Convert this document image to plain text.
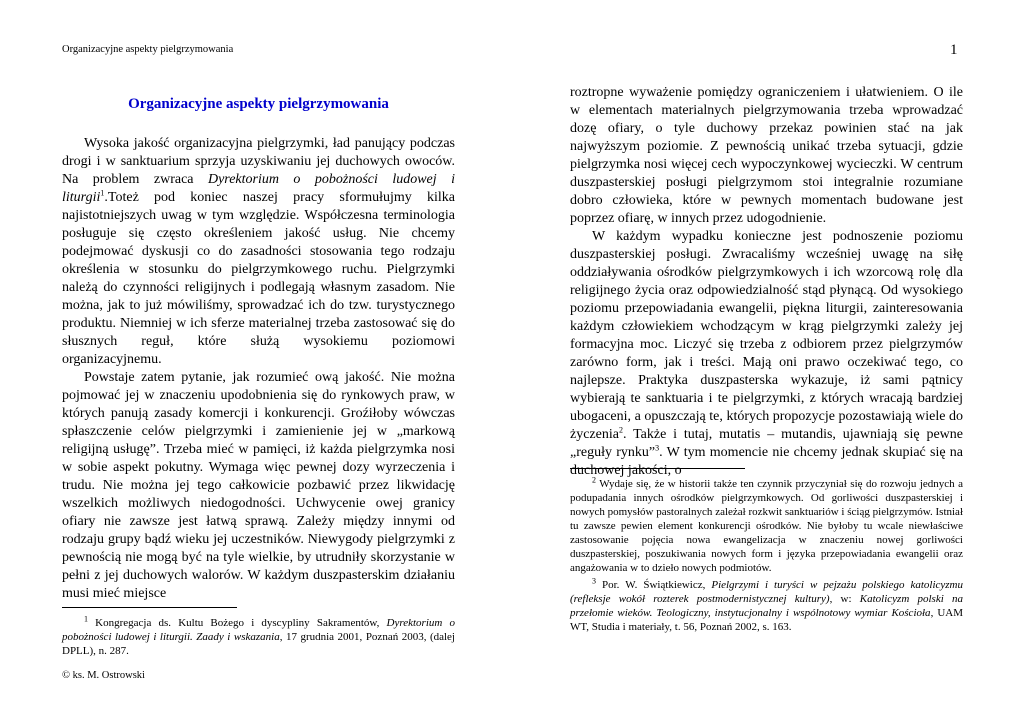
Organizacyjne aspekty pielgrzymowania	1
Organizacyjne aspekty pielgrzymowania

Wysoka jakość organizacyjna pielgrzymki, ład panujący podczas drogi i w sanktuarium sprzyja uzyskiwaniu jej duchowych owoców. Na problem zwraca Dyrektorium o pobożności ludowej i liturgii$^1$.Toteż pod koniec naszej pracy sformułujmy kilka najistotniejszych uwag w tym względzie. Współczesna terminologia posługuje się często określeniem jakość usług. Nie chcemy podejmować dyskusji co do zasadności stosowania tego rodzaju określenia w stosunku do pielgrzymkowego ruchu. Pielgrzymki należą do czynności religijnych i podlegają własnym zasadom. Nie można, jak to już mówiliśmy, sprowadzać ich do tzw. turystycznego produktu. Niemniej w ich sferze materialnej trzeba zastosować się do słusznych reguł, które służą wysokiemu poziomowi organizacyjnemu.

Powstaje zatem pytanie, jak rozumieć ową jakość. Nie można pojmować jej w znaczeniu upodobnienia się do rynkowych praw, w których panują zasady komercji i konkurencji. Groźiłoby wówczas spłaszczenie celów pielgrzymki i zamienienie jej w „markową religijną usługę”. Trzeba mieć w pamięci, iż każda pielgrzymka nosi w sobie aspekt pokutny. Wymaga więc pewnej dozy wyrzeczenia i trudu. Nie można jej tego całkowicie pozbawić przez likwidację wszelkich możliwych niedogodności. Uchwycenie owej granicy ofiary nie zawsze jest łatwą sprawą. Zależy między innymi od rodzaju grupy bądź wieku jej uczestników. Niewygody pielgrzymki z pewnością nie mogą być na tyle wielkie, by utrudniły skorzystanie w pełni z jej duchowych walorów. W każdym duszpasterskim działaniu musi mieć miejsce

$^1$ Kongregacja ds. Kultu Bożego i dyscypliny Sakramentów, Dyrektorium o pobożności ludowej i liturgii. Zaady i wskazania, 17 grudnia 2001, Poznań 2003, (dalej DPLL), n. 287.

© ks. M. Ostrowski

roztropne wyważenie pomiędzy ograniczeniem i ułatwieniem. O ile w elementach materialnych pielgrzymowania trzeba wprowadzać dozę ofiary, o tyle duchowy przekaz powinien stać na jak najwyższym poziomie. Z pewnością unikać trzeba sytuacji, gdzie pielgrzymka nosi więcej cech wypoczynkowej wycieczki. W centrum duszpasterskiej posługi pielgrzymom stoi integralnie rozumiane dobro człowieka, które w pewnych momentach budowane jest poprzez ofiarę, w innych przez udogodnienie.

W każdym wypadku konieczne jest podnoszenie poziomu duszpasterskiej posługi. Zwracaliśmy wcześniej uwagę na siłę oddziaływania ośrodków pielgrzymkowych i ich wzorcową rolę dla religijnego życia oraz odpowiedzialność stąd płynącą. Od wysokiego poziomu przepowiadania ewangelii, piękna liturgii, zainteresowania każdym człowiekiem wchodzącym w krąg pielgrzymki zależy jej formacyjna moc. Liczyć się trzeba z odbiorem przez pielgrzymów zarówno form, jak i treści. Mają oni prawo oczekiwać tego, co najlepsze. Praktyka duszpasterska wykazuje, iż sami pątnicy wybierają te sanktuaria i te pielgrzymki, z których wracają bardziej ubogaceni, a opuszczają te, których propozycje pozostawiają wiele do życzenia$^2$. Także i tutaj, mutatis – mutandis, ujawniają się pewne „reguły rynku”$^3$. W tym momencie nie chcemy jednak skupiać się na duchowej jakości, o

$^2$ Wydaje się, że w historii także ten czynnik przyczyniał się do rozwoju jednych a podupadania innych ośrodków pielgrzymkowych. Od gorliwości duszpasterskiej i nowych pomysłów pastoralnych zależał rozkwit sanktuariów i ściąg pielgrzymów. Istniał tu zawsze pewien element konkurencji ośrodków. Nie byłoby tu wcale niewłaściwe zastosowanie pojęcia nowa ewangelizacja w znaczeniu nowej gorliwości duszpasterskiej, poszukiwania nowych form i języka przepowiadania ewangelii oraz angażowania w to dzieło nowych podmiotów.

$^3$ Por. W. Świątkiewicz, Pielgrzymi i turyści w pejzażu polskiego katolicyzmu (refleksje wokół rozterek postmodernistycznej kultury), w: Katolicyzm polski na przełomie wieków. Teologiczny, instytucjonalny i wspólnotowy wymiar Kościoła, UAM WT, Studia i materiały, t. 56, Poznań 2002, s. 163.
